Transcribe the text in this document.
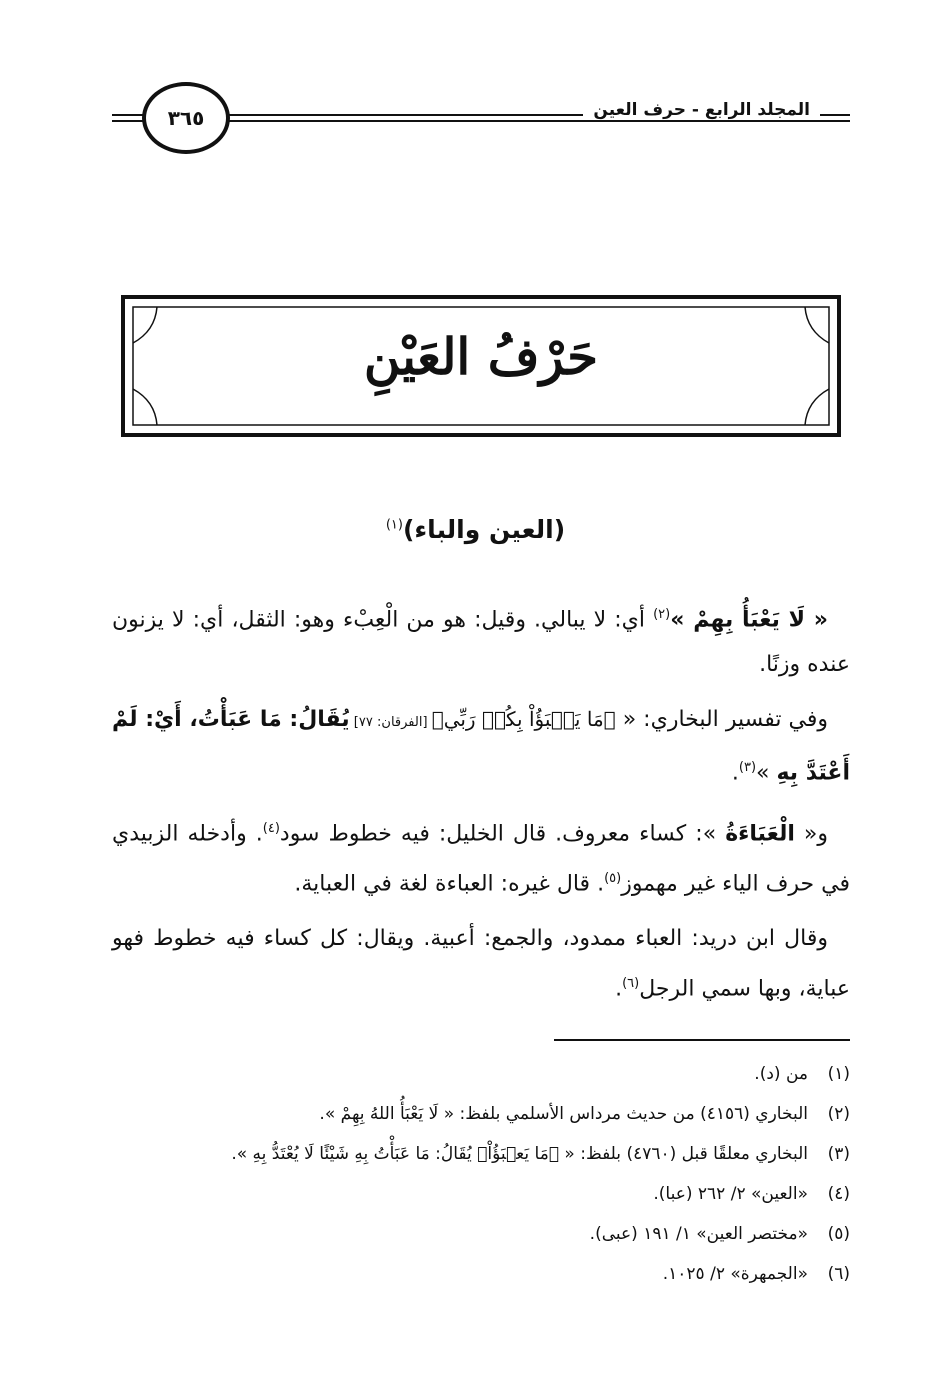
المجلد الرابع - حرف العين
٣٦٥
حَرْفُ العَيْنِ
(العين والباء)$^{(١)}$

« لَا يَعْبَأُ بِهِمْ »$^{(٢)}$ أي: لا يبالي. وقيل: هو من الْعِبْء وهو: الثقل، أي: لا يزنون عنده وزنًا.

وفي تفسير البخاري: « ﴿مَا يَعۡبَؤُاْ بِكُمۡ رَبِّي﴾ [الفرقان: ٧٧] يُقَالُ: مَا عَبَأْتُ، أَيْ: لَمْ أَعْتَدَّ بِهِ »$^{(٣)}$.

و« الْعَبَاءَةُ »: كساء معروف. قال الخليل: فيه خطوط سود$^{(٤)}$. وأدخله الزبيدي في حرف الياء غير مهموز$^{(٥)}$. قال غيره: العباءة لغة في العباية.

وقال ابن دريد: العباء ممدود، والجمع: أعبية. ويقال: كل كساء فيه خطوط فهو عباية، وبها سمي الرجل$^{(٦)}$.

(١)
من (د).
(٢)
البخاري (٤١٥٦) من حديث مرداس الأسلمي بلفظ: « لَا يَعْبَأُ اللهُ بِهِمْ ».
(٣)
البخاري معلقًا قبل (٤٧٦٠) بلفظ: « ﴿مَا يَعۡبَؤُاْ﴾ يُقَالُ: مَا عَبَأْتُ بِهِ شَيْئًا لَا يُعْتَدُّ بِهِ ».
(٤)
«العين» ٢/ ٢٦٢ (عبا).
(٥)
«مختصر العين» ١/ ١٩١ (عبى).
(٦)
«الجمهرة» ٢/ ١٠٢٥.
